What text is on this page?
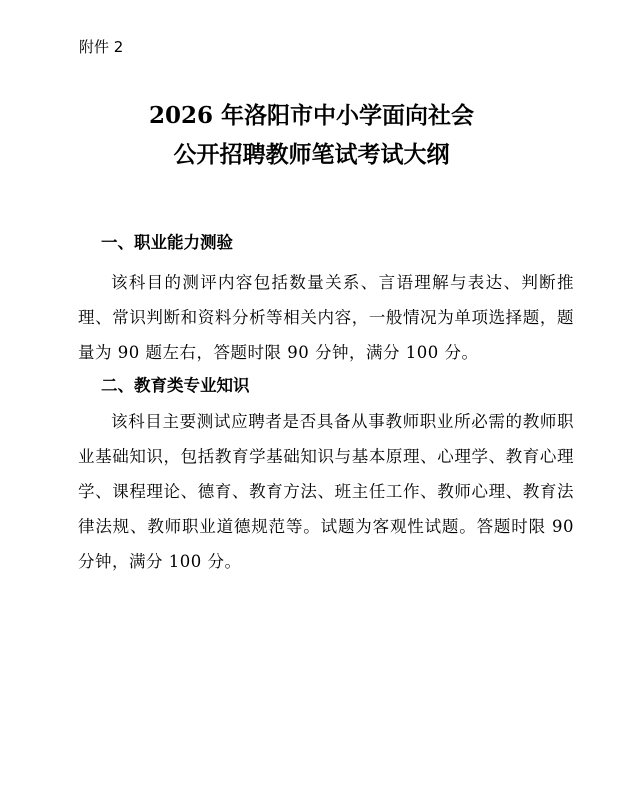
附件 2
2026 年洛阳市中小学面向社会
公开招聘教师笔试考试大纲
一、职业能力测验
该科目的测评内容包括数量关系、言语理解与表达、判断推理、常识判断和资料分析等相关内容，一般情况为单项选择题，题量为 90 题左右，答题时限 90 分钟，满分 100 分。
二、教育类专业知识
该科目主要测试应聘者是否具备从事教师职业所必需的教师职业基础知识，包括教育学基础知识与基本原理、心理学、教育心理学、课程理论、德育、教育方法、班主任工作、教师心理、教育法律法规、教师职业道德规范等。试题为客观性试题。答题时限 90 分钟，满分 100 分。
